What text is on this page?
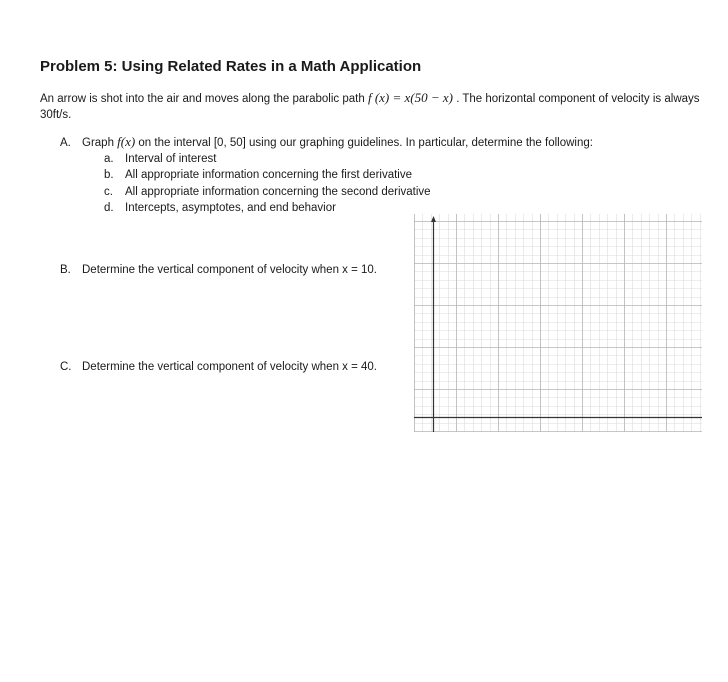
Problem 5: Using Related Rates in a Math Application
An arrow is shot into the air and moves along the parabolic path f (x) = x(50 − x) . The horizontal component of velocity is always 30ft/s.
A. Graph f(x) on the interval [0, 50] using our graphing guidelines. In particular, determine the following:
a. Interval of interest
b. All appropriate information concerning the first derivative
c. All appropriate information concerning the second derivative
d. Intercepts, asymptotes, and end behavior
B. Determine the vertical component of velocity when x = 10.
C. Determine the vertical component of velocity when x = 40.
